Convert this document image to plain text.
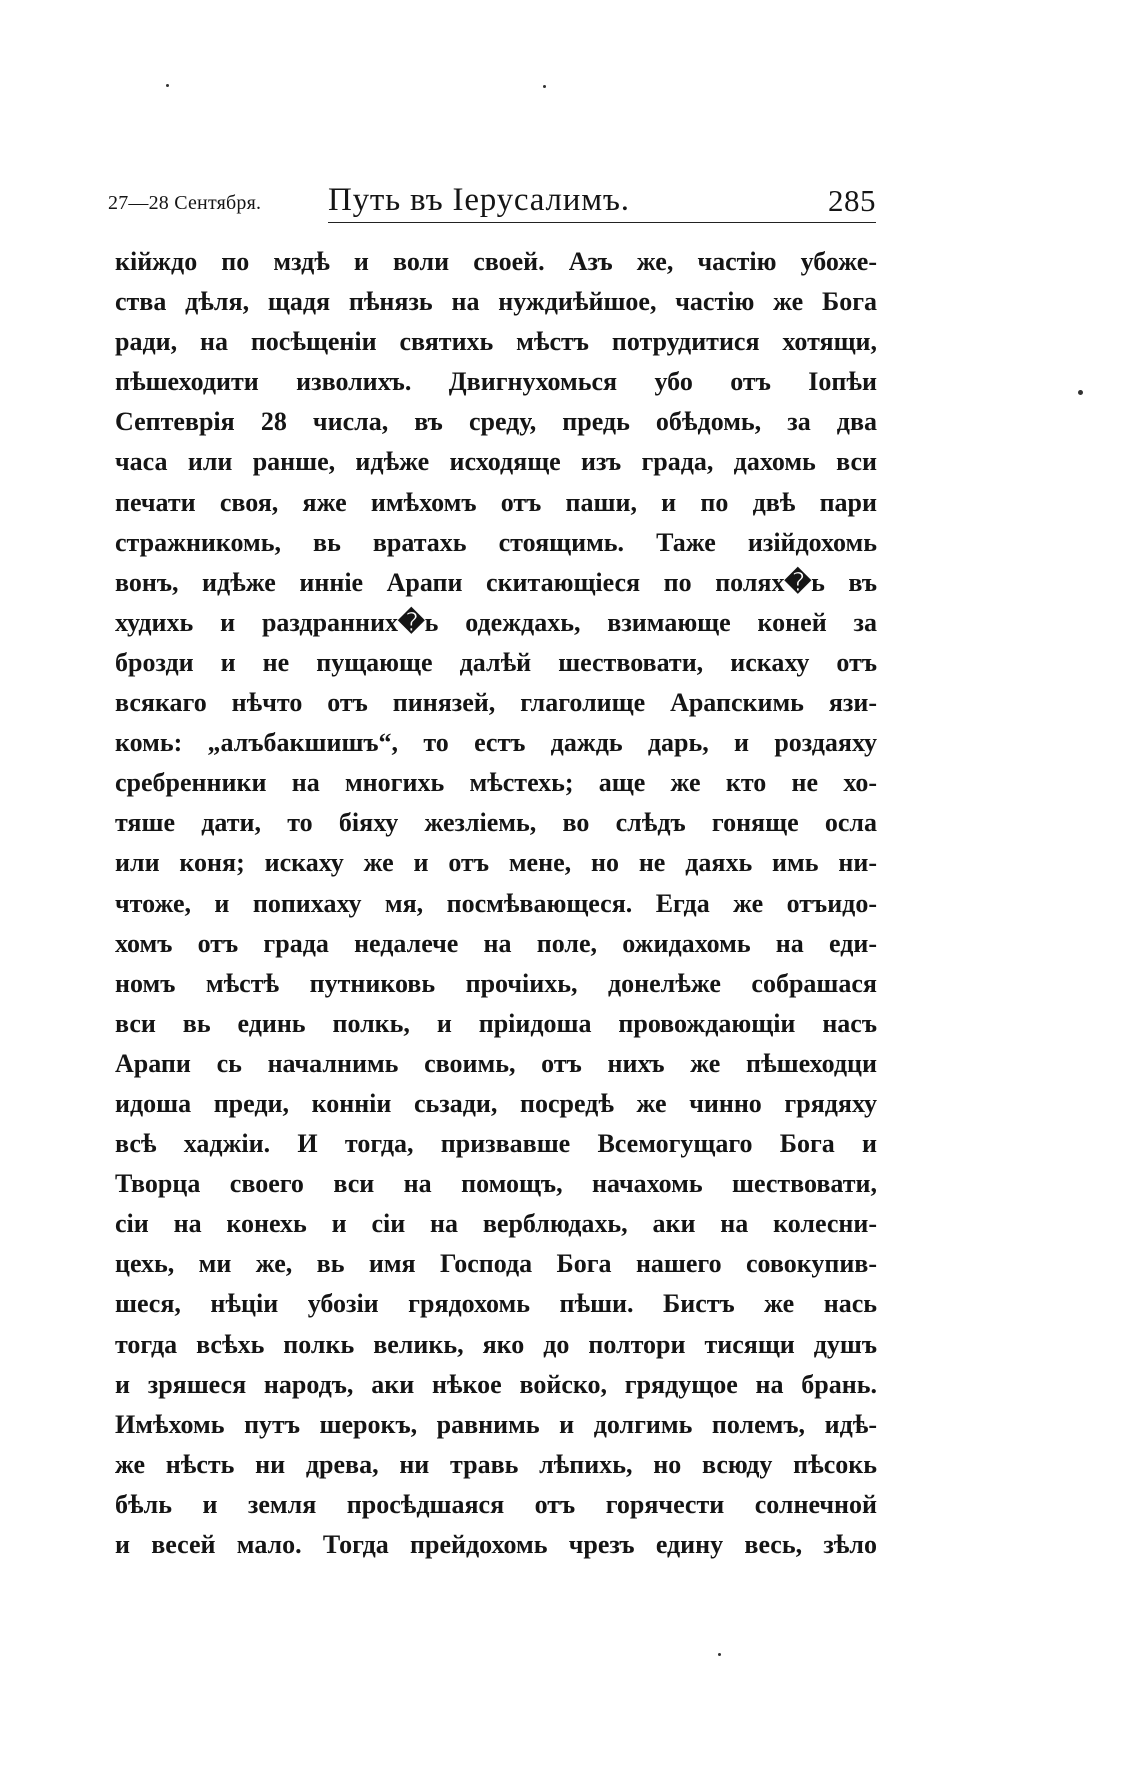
27—28 Сентября. Путь въ Іерусалимъ.	285
кійждо по мздѣ и воли своей. Азъ же, частію убоже-
ства дѣля, щадя пѣнязь на нуждиѣйшое, частію же Бога
ради, на посѣщеніи святихь мѣстъ потрудитися хотящи,
пѣшеходити изволихъ. Двигнухомься убо отъ Іопѣи
Септеврія 28 числа, въ среду, предь обѣдомь, за два
часа или ранше, идѣже исходяще изъ града, дахомь вси
печати своя, яже имѣхомъ отъ паши, и по двѣ пари
стражникомь, вь вратахь стоящимь. Таже изійдохомь
вонъ, идѣже инніе Арапи скитающіеся по полях�ь въ
худихь и раздранних�ь одеждахь, взимающе коней за
брозди и не пущающе далѣй шествовати, искаху отъ
всякаго нѣчто отъ пинязей, глаголище Арапскимь язи-
комь: „алъбакшишъ“, то естъ даждь дарь, и роздаяху
сребренники на многихь мѣстехь; аще же кто не хо-
тяше дати, то біяху жезліемь, во слѣдъ гоняще осла
или коня; искаху же и отъ мене, но не даяхь имь ни-
чтоже, и попихаху мя, посмѣвающеся. Егда же отъидо-
хомъ отъ града недалече на поле, ожидахомь на еди-
номъ мѣстѣ путниковь прочіихь, донелѣже собрашася
вси вь единь полкь, и пріидоша провождающіи насъ
Арапи сь началнимь своимь, отъ нихъ же пѣшеходци
идоша преди, конніи сьзади, посредѣ же чинно грядяху
всѣ хаджіи. И тогда, призвавше Всемогущаго Бога и
Творца своего вси на помощъ, начахомь шествовати,
сіи на конехь и сіи на верблюдахь, аки на колесни-
цехь, ми же, вь имя Господа Бога нашего совокупив-
шеся, нѣціи убозіи грядохомь пѣши. Бистъ же нась
тогда всѣхь полкь великь, яко до полтори тисящи душъ
и зряшеся народъ, аки нѣкое войско, грядущое на брань.
Имѣхомь путъ шерокъ, равнимь и долгимь полемъ, идѣ-
же нѣсть ни древа, ни травь лѣпихь, но всюду пѣсокь
бѣль и земля просѣдшаяся отъ горячести солнечной
и весей мало. Тогда прейдохомь чрезъ едину весь, зѣло
